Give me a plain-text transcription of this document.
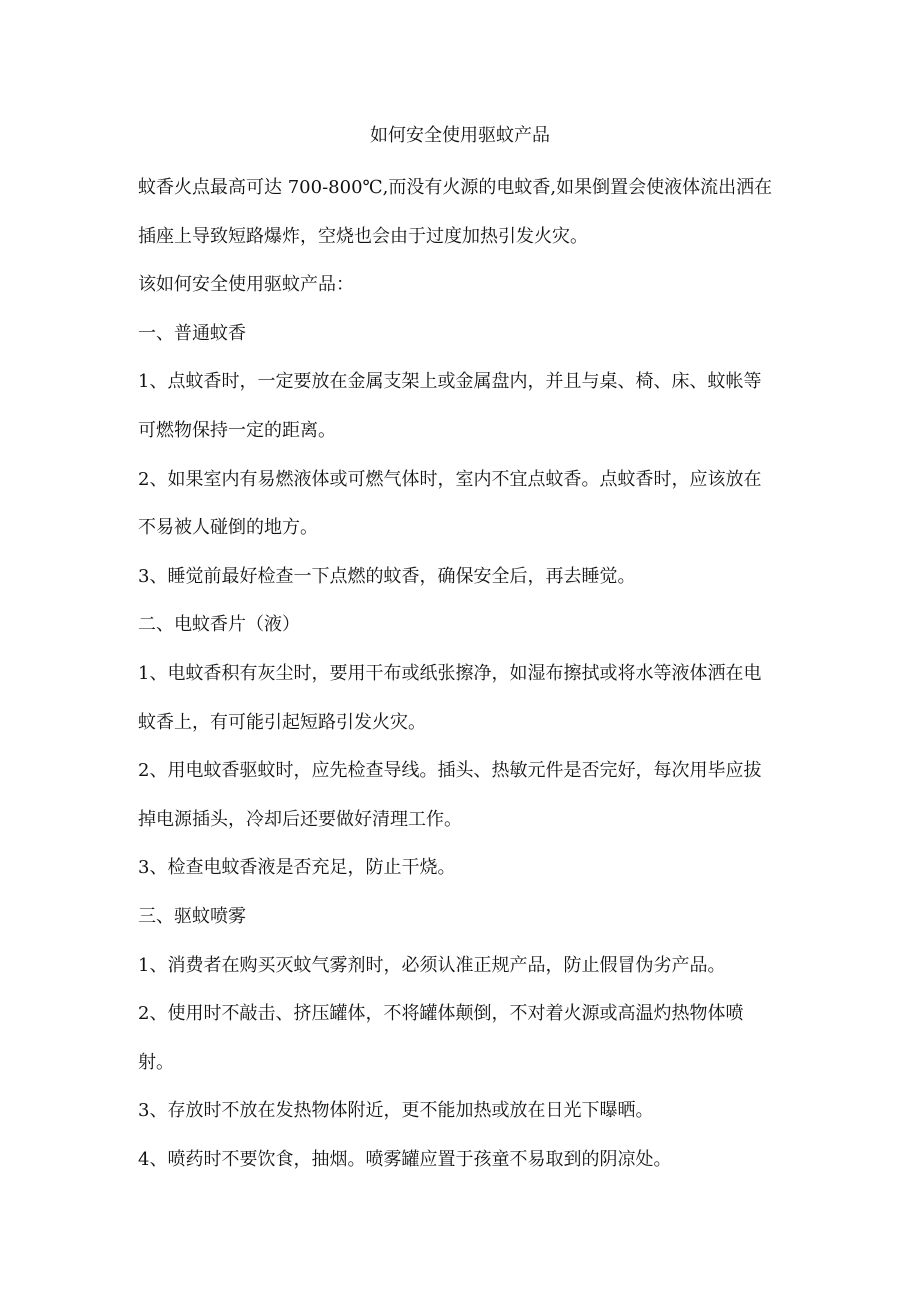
如何安全使用驱蚊产品

蚊香火点最高可达 700-800℃,而没有火源的电蚊香,如果倒置会使液体流出洒在
插座上导致短路爆炸，空烧也会由于过度加热引发火灾。

该如何安全使用驱蚊产品：

一、普通蚊香

1、点蚊香时，一定要放在金属支架上或金属盘内，并且与桌、椅、床、蚊帐等
可燃物保持一定的距离。

2、如果室内有易燃液体或可燃气体时，室内不宜点蚊香。点蚊香时，应该放在
不易被人碰倒的地方。

3、睡觉前最好检查一下点燃的蚊香，确保安全后，再去睡觉。

二、电蚊香片（液）

1、电蚊香积有灰尘时，要用干布或纸张擦净，如湿布擦拭或将水等液体洒在电
蚊香上，有可能引起短路引发火灾。

2、用电蚊香驱蚊时，应先检查导线。插头、热敏元件是否完好，每次用毕应拔
掉电源插头，冷却后还要做好清理工作。

3、检查电蚊香液是否充足，防止干烧。

三、驱蚊喷雾

1、消费者在购买灭蚊气雾剂时，必须认准正规产品，防止假冒伪劣产品。

2、使用时不敲击、挤压罐体，不将罐体颠倒，不对着火源或高温灼热物体喷
射。

3、存放时不放在发热物体附近，更不能加热或放在日光下曝晒。

4、喷药时不要饮食，抽烟。喷雾罐应置于孩童不易取到的阴凉处。
